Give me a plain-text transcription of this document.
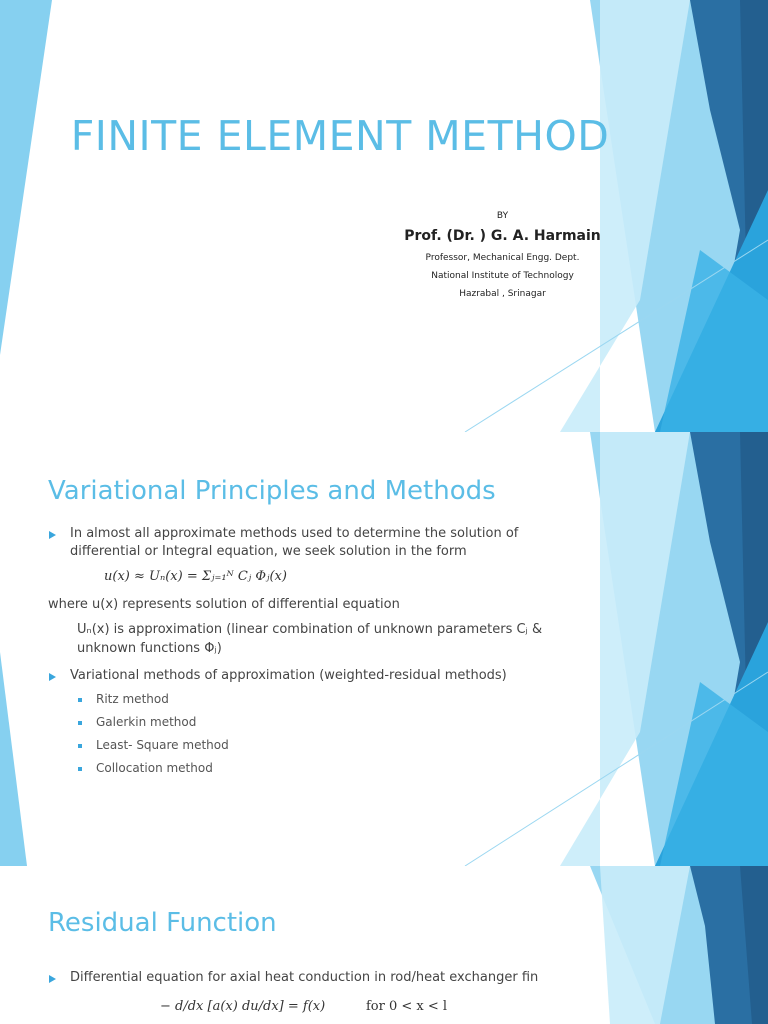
FINITE ELEMENT METHOD
BY
Prof. (Dr. ) G. A. Harmain
Professor, Mechanical Engg. Dept.
National Institute of Technology
Hazrabal , Srinagar
Variational Principles and Methods
In almost all approximate methods used to determine the solution of
differential or Integral equation, we seek solution in the form
u(x) ≈ Uₙ(x) = Σⱼ₌₁ᴺ Cⱼ Φⱼ(x)
where u(x) represents solution of differential equation
Uₙ(x) is approximation (linear combination of unknown parameters Cⱼ &
unknown functions Φⱼ)
Variational methods of approximation (weighted-residual methods)
Ritz method
Galerkin method
Least- Square method
Collocation method
Residual Function
Differential equation for axial heat conduction in rod/heat exchanger fin
− d/dx [a(x) du/dx] = f(x)	for 0 < x < l
